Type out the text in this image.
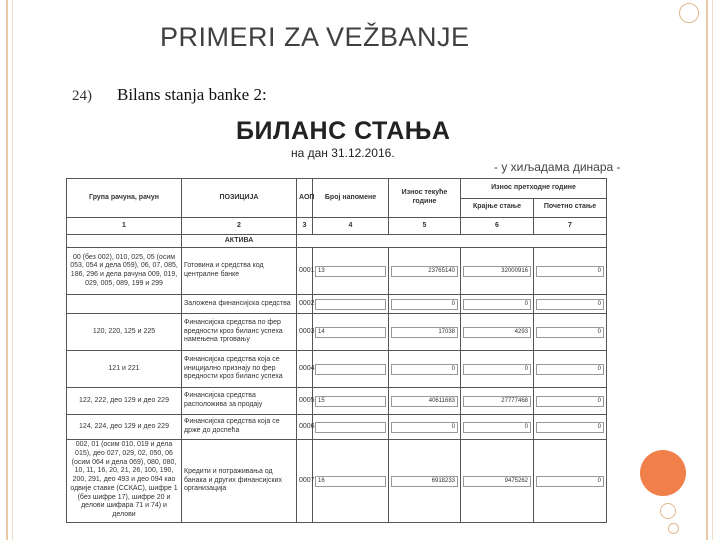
PRIMERI ZA VEŽBANJE
24) Bilans stanja banke 2:
БИЛАНС СТАЊА
на дан 31.12.2016.
- у хиљадама динара -
Група рачуна, рачун	ПОЗИЦИЈА	АОП	Број напомене	Износ текуће године	Износ претходне године	
					Крајње стање	Почетно стање
1	2	3	4	5	6	7
	АКТИВА					
00 (без 002), 010, 025, 05 (осим 053, 054 и дела 059), 06, 07, 085, 186, 296 и дела рачуна 009, 019, 029, 005, 089, 199 и 299	Готовина и средства код централне банке	0001	13	23765140	32000916	0

	Заложена финансијска средства	0002		0	0	0

120, 220, 125 и 225	Финансијска средства по фер вредности кроз биланс успеха намењена трговању	0003	14	17038	4293	0

121 и 221	Финансијска средства која се иницијално признају по фер вредности кроз биланс успеха	0004		0	0	0

122, 222, део 129 и део 229	Финансијска средства расположива за продају	0005	15	40611683	27777468	0

124, 224, део 129 и део 229	Финансијска средства која се држе до доспећа	0006		0	0	0

002, 01 (осим 010, 019 и дела 015), део 027, 029, 02, 050, 06 (осим 064 и дела 069), 080, 080, 10, 11, 16, 20, 21, 26, 100, 190, 200, 291, део 493 и део 094 као одвије ставке (ССКАС), шифре 1 (без шифре 17), шифре 20 и делови шифара 71 и 74) и делови	Кредити и потраживања од банака и других финансијских организација	0007	16	6918233	9475262	0
